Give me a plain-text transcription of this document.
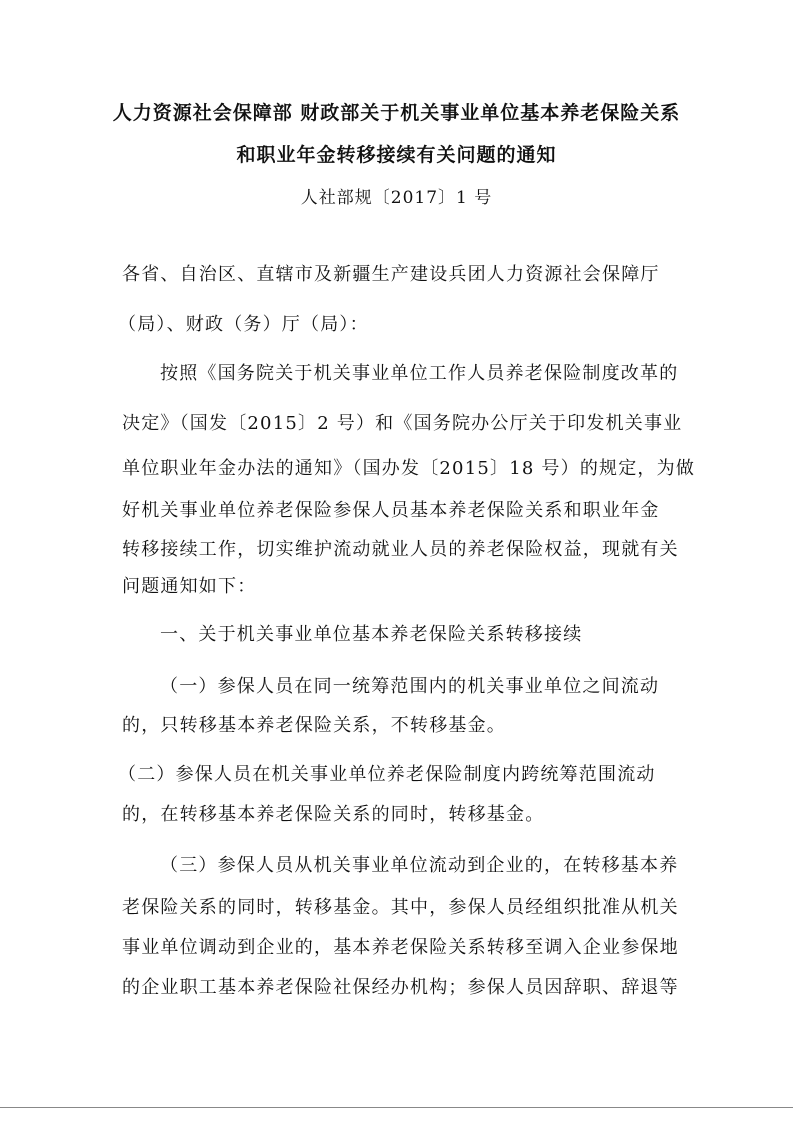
人力资源社会保障部 财政部关于机关事业单位基本养老保险关系
和职业年金转移接续有关问题的通知
人社部规〔2017〕1 号
各省、自治区、直辖市及新疆生产建设兵团人力资源社会保障厅
（局）、财政（务）厅（局）：
按照《国务院关于机关事业单位工作人员养老保险制度改革的
决定》（国发〔2015〕2 号）和《国务院办公厅关于印发机关事业
单位职业年金办法的通知》（国办发〔2015〕18 号）的规定，为做
好机关事业单位养老保险参保人员基本养老保险关系和职业年金
转移接续工作，切实维护流动就业人员的养老保险权益，现就有关
问题通知如下：
一、关于机关事业单位基本养老保险关系转移接续
（一）参保人员在同一统筹范围内的机关事业单位之间流动
的，只转移基本养老保险关系，不转移基金。
（二）参保人员在机关事业单位养老保险制度内跨统筹范围流动
的，在转移基本养老保险关系的同时，转移基金。
（三）参保人员从机关事业单位流动到企业的，在转移基本养
老保险关系的同时，转移基金。其中，参保人员经组织批准从机关
事业单位调动到企业的，基本养老保险关系转移至调入企业参保地
的企业职工基本养老保险社保经办机构；参保人员因辞职、辞退等
